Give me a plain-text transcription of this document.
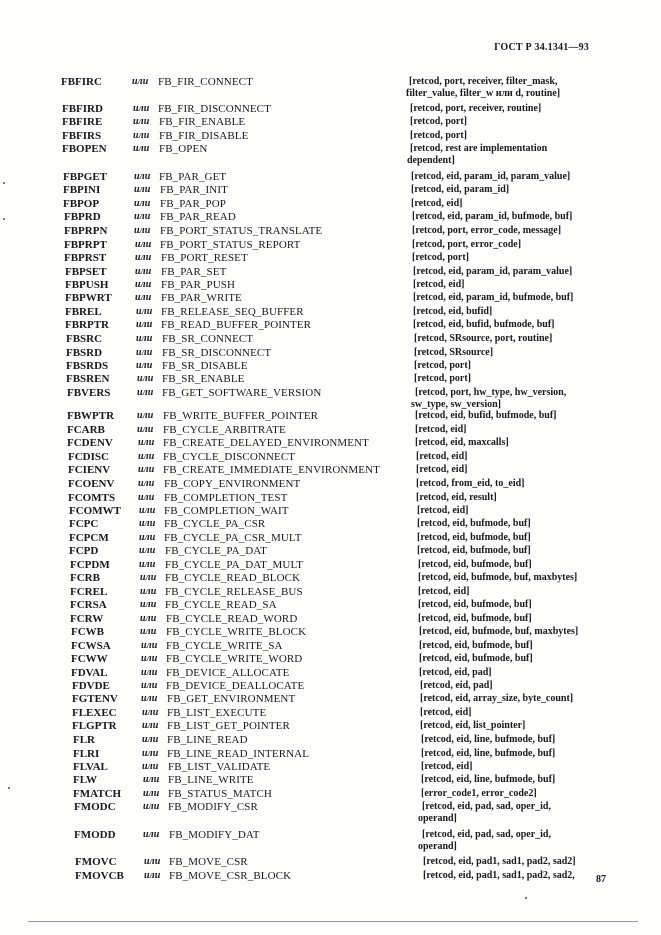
ГОСТ Р 34.1341—93
FBFIRC	или FB_FIR_CONNECT	[retcod, port, receiver, filter_mask,
filter_value, filter_w или d, routine]
FBFIRD	или FB_FIR_DISCONNECT	[retcod, port, receiver, routine]
FBFIRE	или FB_FIR_ENABLE	[retcod, port]
FBFIRS	или FB_FIR_DISABLE	[retcod, port]
FBOPEN	или FB_OPEN	[retcod, rest are implementation
dependent]
FBPGET	или FB_PAR_GET	[retcod, eid, param_id, param_value]
FBPINI	или FB_PAR_INIT	[retcod, eid, param_id]
FBPOP	или FB_PAR_POP	[retcod, eid]
FBPRD	или FB_PAR_READ	[retcod, eid, param_id, bufmode, buf]
FBPRPN	или FB_PORT_STATUS_TRANSLATE	[retcod, port, error_code, message]
FBPRPT	или FB_PORT_STATUS_REPORT	[retcod, port, error_code]
FBPRST	или FB_PORT_RESET	[retcod, port]
FBPSET	или FB_PAR_SET	[retcod, eid, param_id, param_value]
FBPUSH	или FB_PAR_PUSH	[retcod, eid]
FBPWRT или FB_PAR_WRITE	[retcod, eid, param_id, bufmode, buf]
FBREL	или FB_RELEASE_SEQ_BUFFER	[retcod, eid, bufid]
FBRPTR	или FB_READ_BUFFER_POINTER	[retcod, eid, bufid, bufmode, buf]
FBSRC	или FB_SR_CONNECT	[retcod, SRsource, port, routine]
FBSRD	или FB_SR_DISCONNECT	[retcod, SRsource]
FBSRDS	или FB_SR_DISABLE	[retcod, port]
FBSREN	или FB_SR_ENABLE	[retcod, port]
FBVERS	или FB_GET_SOFTWARE_VERSION	[retcod, port, hw_type, hw_version,
sw_type, sw_version]
FBWPTR или FB_WRITE_BUFFER_POINTER	[retcod, eid, bufid, bufmode, buf]
FCARB	или FB_CYCLE_ARBITRATE	[retcod, eid]
FCDENV	или FB_CREATE_DELAYED_ENVIRONMENT	[retcod, eid, maxcalls]
FCDISC	или FB_CYCLE_DISCONNECT	[retcod, eid]
FCIENV	или FB_CREATE_IMMEDIATE_ENVIRONMENT	[retcod, eid]
FCOENV или FB_COPY_ENVIRONMENT	[retcod, from_eid, to_eid]
FCOMTS или FB_COMPLETION_TEST	[retcod, eid, result]
FCOMWT или FB_COMPLETION_WAIT	[retcod, eid]
FCPC	или FB_CYCLE_PA_CSR	[retcod, eid, bufmode, buf]
FCPCM	или FB_CYCLE_PA_CSR_MULT	[retcod, eid, bufmode, buf]
FCPD	или FB_CYCLE_PA_DAT	[retcod, eid, bufmode, buf]
FCPDM	или FB_CYCLE_PA_DAT_MULT	[retcod, eid, bufmode, buf]
FCRB	или FB_CYCLE_READ_BLOCK	[retcod, eid, bufmode, buf, maxbytes]
FCREL	или FB_CYCLE_RELEASE_BUS	[retcod, eid]
FCRSA	или FB_CYCLE_READ_SA	[retcod, eid, bufmode, buf]
FCRW	или FB_CYCLE_READ_WORD	[retcod, eid, bufmode, buf]
FCWB	или FB_CYCLE_WRITE_BLOCK	[retcod, eid, bufmode, buf, maxbytes]
FCWSA	или FB_CYCLE_WRITE_SA	[retcod, eid, bufmode, buf]
FCWW	или FB_CYCLE_WRITE_WORD	[retcod, eid, bufmode, buf]
FDVAL	или FB_DEVICE_ALLOCATE	[retcod, eid, pad]
FDVDE	или FB_DEVICE_DEALLOCATE	[retcod, eid, pad]
FGTENV или FB_GET_ENVIRONMENT	[retcod, eid, array_size, byte_count]
FLEXEC	или FB_LIST_EXECUTE	[retcod, eid]
FLGPTR	или FB_LIST_GET_POINTER	[retcod, eid, list_pointer]
FLR	или FB_LINE_READ	[retcod, eid, line, bufmode, buf]
FLRI	или FB_LINE_READ_INTERNAL	[retcod, eid, line, bufmode, buf]
FLVAL	или FB_LIST_VALIDATE	[retcod, eid]
FLW	или FB_LINE_WRITE	[retcod, eid, line, bufmode, buf]
FMATCH или FB_STATUS_MATCH	[error_code1, error_code2]
FMODC	или FB_MODIFY_CSR	[retcod, eid, pad, sad, oper_id,
operand]
FMODD	или FB_MODIFY_DAT	[retcod, eid, pad, sad, oper_id,
operand]
FMOVC	или FB_MOVE_CSR	[retcod, eid, pad1, sad1, pad2, sad2]
FMOVCB или FB_MOVE_CSR_BLOCK	[retcod, eid, pad1, sad1, pad2, sad2, 87
